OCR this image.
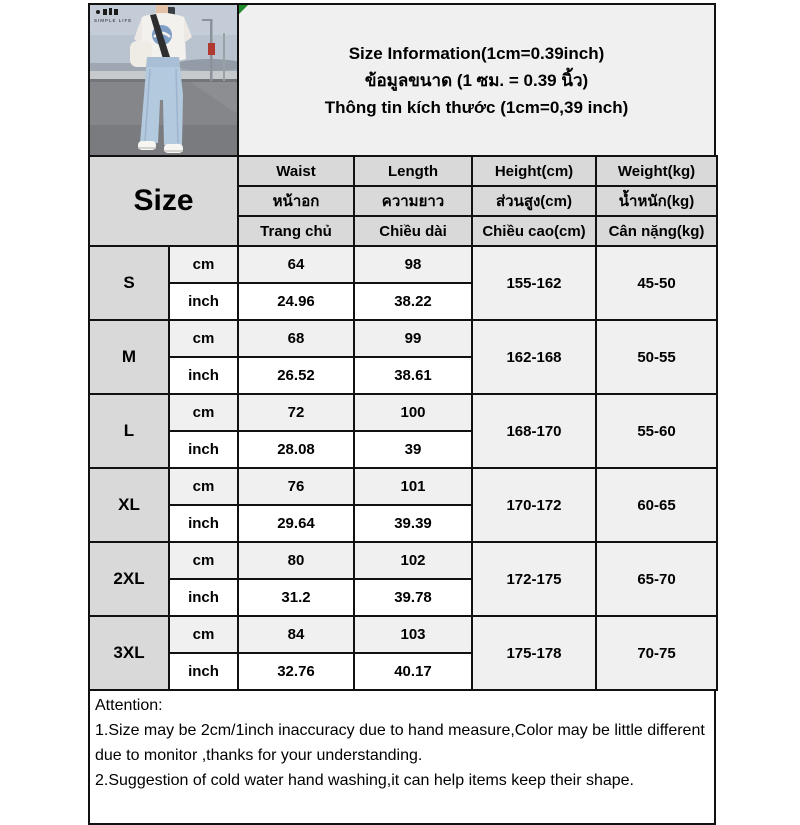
SIMPLE LIFE
Size Information(1cm=0.39inch)
ข้อมูลขนาด (1 ซม. = 0.39 นิ้ว)
Thông tin kích thước (1cm=0,39 inch)
Size		Waist	Length	Height(cm)	Weight(kg)
		หน้าอก	ความยาว	ส่วนสูง(cm)	น้ำหนัก(kg)
		Trang chủ	Chiều dài	Chiều cao(cm)	Cân nặng(kg)
S	cm	64	98	155-162	45-50
	inch	24.96	38.22		
M	cm	68	99	162-168	50-55
	inch	26.52	38.61		
L	cm	72	100	168-170	55-60
	inch	28.08	39		
XL	cm	76	101	170-172	60-65
	inch	29.64	39.39		
2XL	cm	80	102	172-175	65-70
	inch	31.2	39.78		
3XL	cm	84	103	175-178	70-75
	inch	32.76	40.17		

Attention:

1.Size may be 2cm/1inch inaccuracy due to hand measure,Color may be little different due to monitor ,thanks for your understanding.

2.Suggestion of cold water hand washing,it can help items keep their shape.
